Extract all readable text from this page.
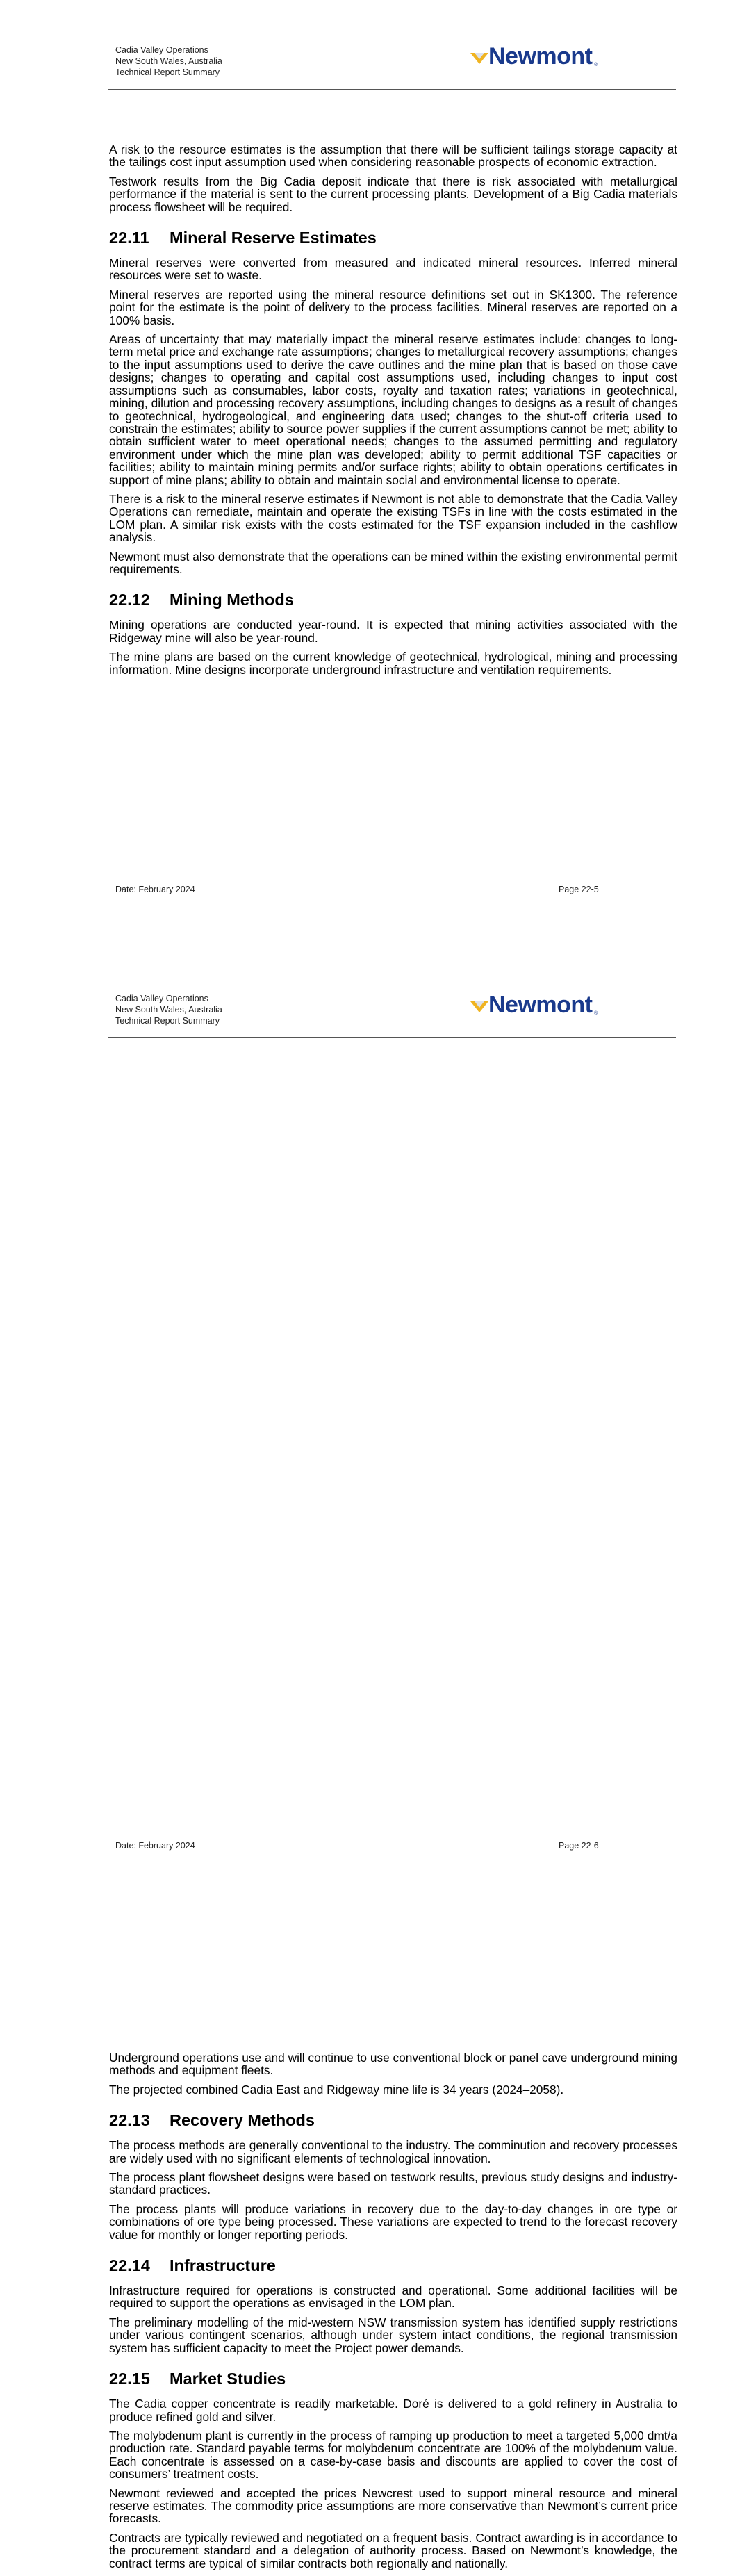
Cadia Valley Operations
New South Wales, Australia
Technical Report Summary
Newmont ®

A risk to the resource estimates is the assumption that there will be sufficient tailings storage capacity at the tailings cost input assumption used when considering reasonable prospects of economic extraction.

Testwork results from the Big Cadia deposit indicate that there is risk associated with metallurgical performance if the material is sent to the current processing plants. Development of a Big Cadia materials process flowsheet will be required.

22.11 Mineral Reserve Estimates

Mineral reserves were converted from measured and indicated mineral resources. Inferred mineral resources were set to waste.

Mineral reserves are reported using the mineral resource definitions set out in SK1300. The reference point for the estimate is the point of delivery to the process facilities. Mineral reserves are reported on a 100% basis.

Areas of uncertainty that may materially impact the mineral reserve estimates include: changes to long-term metal price and exchange rate assumptions; changes to metallurgical recovery assumptions; changes to the input assumptions used to derive the cave outlines and the mine plan that is based on those cave designs; changes to operating and capital cost assumptions used, including changes to input cost assumptions such as consumables, labor costs, royalty and taxation rates; variations in geotechnical, mining, dilution and processing recovery assumptions, including changes to designs as a result of changes to geotechnical, hydrogeological, and engineering data used; changes to the shut-off criteria used to constrain the estimates; ability to source power supplies if the current assumptions cannot be met; ability to obtain sufficient water to meet operational needs; changes to the assumed permitting and regulatory environment under which the mine plan was developed; ability to permit additional TSF capacities or facilities; ability to maintain mining permits and/or surface rights; ability to obtain operations certificates in support of mine plans; ability to obtain and maintain social and environmental license to operate.

There is a risk to the mineral reserve estimates if Newmont is not able to demonstrate that the Cadia Valley Operations can remediate, maintain and operate the existing TSFs in line with the costs estimated in the LOM plan. A similar risk exists with the costs estimated for the TSF expansion included in the cashflow analysis.

Newmont must also demonstrate that the operations can be mined within the existing environmental permit requirements.

22.12 Mining Methods

Mining operations are conducted year-round. It is expected that mining activities associated with the Ridgeway mine will also be year-round.

The mine plans are based on the current knowledge of geotechnical, hydrological, mining and processing information. Mine designs incorporate underground infrastructure and ventilation requirements.

Date: February 2024	Page 22-5
Cadia Valley Operations
New South Wales, Australia
Technical Report Summary
Newmont ®

Underground operations use and will continue to use conventional block or panel cave underground mining methods and equipment fleets.

The projected combined Cadia East and Ridgeway mine life is 34 years (2024–2058).

22.13 Recovery Methods

The process methods are generally conventional to the industry. The comminution and recovery processes are widely used with no significant elements of technological innovation.

The process plant flowsheet designs were based on testwork results, previous study designs and industry-standard practices.

The process plants will produce variations in recovery due to the day-to-day changes in ore type or combinations of ore type being processed. These variations are expected to trend to the forecast recovery value for monthly or longer reporting periods.

22.14 Infrastructure

Infrastructure required for operations is constructed and operational. Some additional facilities will be required to support the operations as envisaged in the LOM plan.

The preliminary modelling of the mid-western NSW transmission system has identified supply restrictions under various contingent scenarios, although under system intact conditions, the regional transmission system has sufficient capacity to meet the Project power demands.

22.15 Market Studies

The Cadia copper concentrate is readily marketable. Doré is delivered to a gold refinery in Australia to produce refined gold and silver.

The molybdenum plant is currently in the process of ramping up production to meet a targeted 5,000 dmt/a production rate. Standard payable terms for molybdenum concentrate are 100% of the molybdenum value. Each concentrate is assessed on a case-by-case basis and discounts are applied to cover the cost of consumers’ treatment costs.

Newmont reviewed and accepted the prices Newcrest used to support mineral resource and mineral reserve estimates. The commodity price assumptions are more conservative than Newmont’s current price forecasts.

Contracts are typically reviewed and negotiated on a frequent basis. Contract awarding is in accordance to the procurement standard and a delegation of authority process. Based on Newmont’s knowledge, the contract terms are typical of similar contracts both regionally and nationally.

Date: February 2024	Page 22-6
